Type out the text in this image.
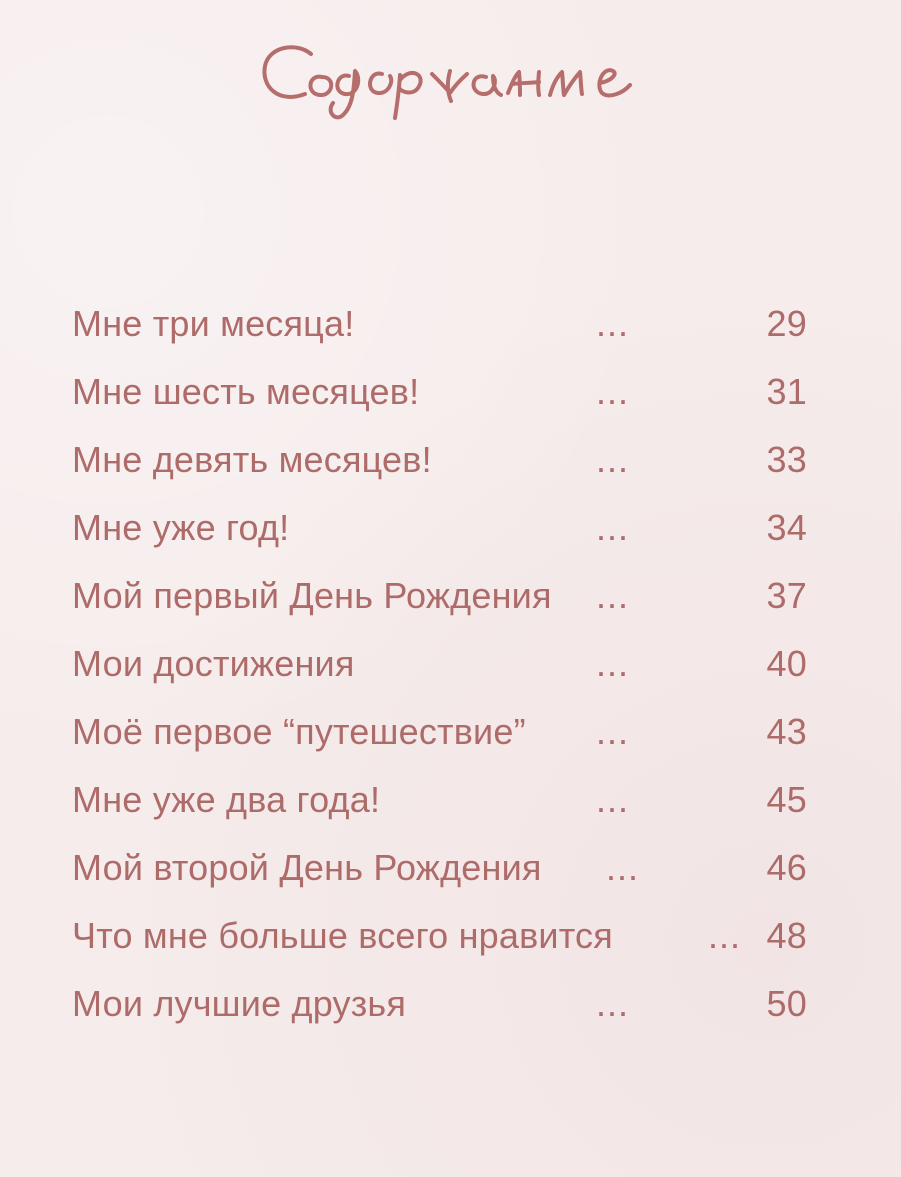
Мне три месяца!	...	29
Мне шесть месяцев!	...	31
Мне девять месяцев!	...	33
Мне уже год!	...	34
Мой первый День Рождения ...	37
Мои достижения	...	40
Моё первое “путешествие” ...	43
Мне уже два года!	...	45
Мой второй День Рождения ...	46
Что мне больше всего нравится	... 48
Мои лучшие друзья	...	50
